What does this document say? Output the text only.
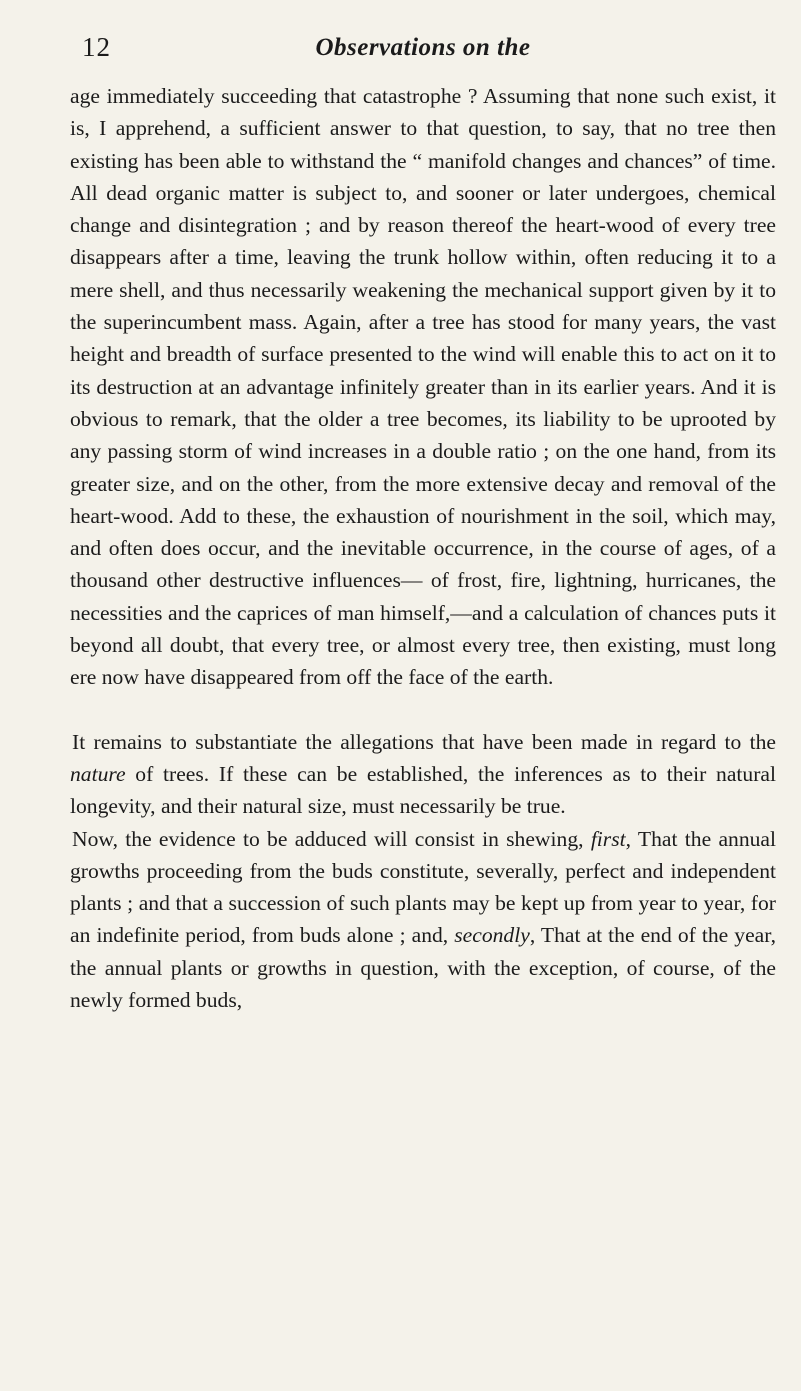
12	Observations on the

age immediately succeeding that catastrophe ? Assuming that none such exist, it is, I apprehend, a sufficient answer to that question, to say, that no tree then existing has been able to withstand the “ manifold changes and chances” of time. All dead organic matter is subject to, and sooner or later undergoes, chemical change and disintegration ; and by reason thereof the heart-wood of every tree disappears after a time, leaving the trunk hollow within, often reducing it to a mere shell, and thus necessarily weakening the mechanical support given by it to the superincumbent mass. Again, after a tree has stood for many years, the vast height and breadth of surface presented to the wind will enable this to act on it to its destruction at an advantage infinitely greater than in its earlier years. And it is obvious to remark, that the older a tree becomes, its liability to be uprooted by any passing storm of wind increases in a double ratio ; on the one hand, from its greater size, and on the other, from the more extensive decay and removal of the heart-wood. Add to these, the exhaustion of nourishment in the soil, which may, and often does occur, and the inevitable occurrence, in the course of ages, of a thousand other destructive influences— of frost, fire, lightning, hurricanes, the necessities and the caprices of man himself,—and a calculation of chances puts it beyond all doubt, that every tree, or almost every tree, then existing, must long ere now have disappeared from off the face of the earth.

It remains to substantiate the allegations that have been made in regard to the nature of trees. If these can be established, the inferences as to their natural longevity, and their natural size, must necessarily be true.

Now, the evidence to be adduced will consist in shewing, first, That the annual growths proceeding from the buds constitute, severally, perfect and independent plants ; and that a succession of such plants may be kept up from year to year, for an indefinite period, from buds alone ; and, secondly, That at the end of the year, the annual plants or growths in question, with the exception, of course, of the newly formed buds,
